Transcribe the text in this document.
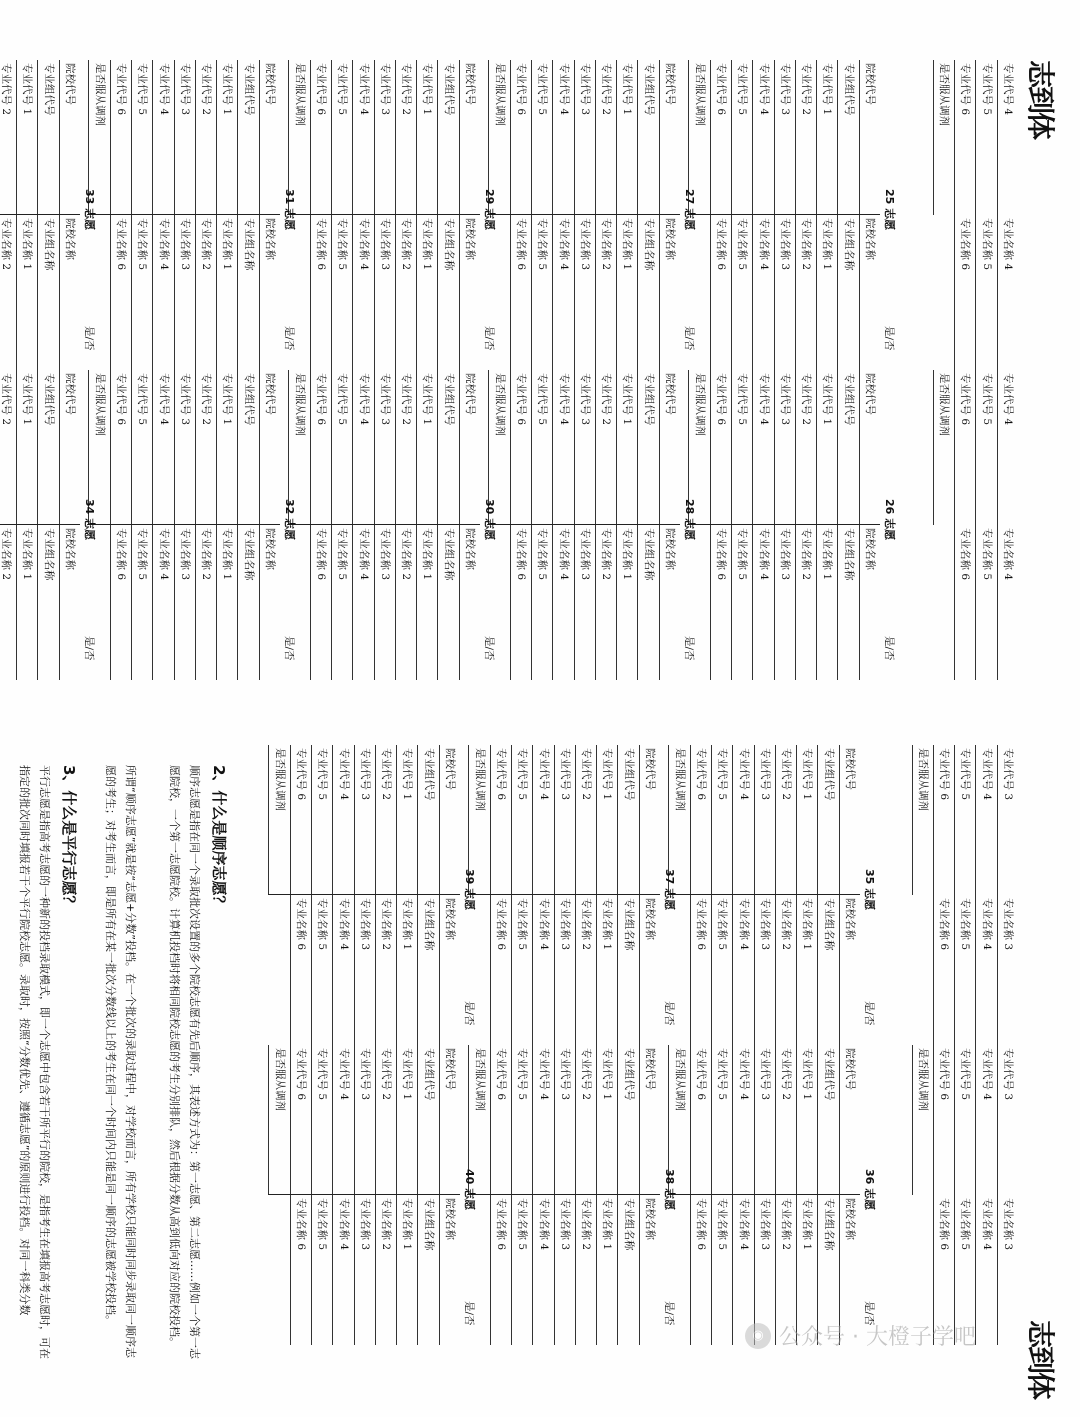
专业代号 4
专业代号 5
专业代号 6
是否服从调剂
专业名称 4
专业名称 5
专业名称 6
专业代号 4
专业代号 5
专业代号 6
是否服从调剂
专业名称 4
专业名称 5
专业名称 6
25 志愿
是/否
院校代号
专业组代号
专业代号 1
专业代号 2
专业代号 3
专业代号 4
专业代号 5
专业代号 6
是否服从调剂
院校名称
专业组名称
专业名称 1
专业名称 2
专业名称 3
专业名称 4
专业名称 5
专业名称 6
26 志愿
是/否
院校代号
专业组代号
专业代号 1
专业代号 2
专业代号 3
专业代号 4
专业代号 5
专业代号 6
是否服从调剂
院校名称
专业组名称
专业名称 1
专业名称 2
专业名称 3
专业名称 4
专业名称 5
专业名称 6
27 志愿
是/否
院校代号
专业组代号
专业代号 1
专业代号 2
专业代号 3
专业代号 4
专业代号 5
专业代号 6
是否服从调剂
院校名称
专业组名称
专业名称 1
专业名称 2
专业名称 3
专业名称 4
专业名称 5
专业名称 6
28 志愿
是/否
院校代号
专业组代号
专业代号 1
专业代号 2
专业代号 3
专业代号 4
专业代号 5
专业代号 6
是否服从调剂
院校名称
专业组名称
专业名称 1
专业名称 2
专业名称 3
专业名称 4
专业名称 5
专业名称 6
29 志愿
是/否
院校代号
专业组代号
专业代号 1
专业代号 2
专业代号 3
专业代号 4
专业代号 5
专业代号 6
是否服从调剂
院校名称
专业组名称
专业名称 1
专业名称 2
专业名称 3
专业名称 4
专业名称 5
专业名称 6
30 志愿
是/否
院校代号
专业组代号
专业代号 1
专业代号 2
专业代号 3
专业代号 4
专业代号 5
专业代号 6
是否服从调剂
院校名称
专业组名称
专业名称 1
专业名称 2
专业名称 3
专业名称 4
专业名称 5
专业名称 6
31 志愿
是/否
院校代号
专业组代号
专业代号 1
专业代号 2
专业代号 3
专业代号 4
专业代号 5
专业代号 6
是否服从调剂
院校名称
专业组名称
专业名称 1
专业名称 2
专业名称 3
专业名称 4
专业名称 5
专业名称 6
32 志愿
是/否
院校代号
专业组代号
专业代号 1
专业代号 2
专业代号 3
专业代号 4
专业代号 5
专业代号 6
是否服从调剂
院校名称
专业组名称
专业名称 1
专业名称 2
专业名称 3
专业名称 4
专业名称 5
专业名称 6
33 志愿
是/否
院校代号
专业组代号
专业代号 1
专业代号 2
院校名称
专业组名称
专业名称 1
专业名称 2
34 志愿
是/否
院校代号
专业组代号
专业代号 1
专业代号 2
院校名称
专业组名称
专业名称 1
专业名称 2
专业代号 3
专业代号 4
专业代号 5
专业代号 6
是否服从调剂
专业名称 3
专业名称 4
专业名称 5
专业名称 6
专业代号 3
专业代号 4
专业代号 5
专业代号 6
是否服从调剂
专业名称 3
专业名称 4
专业名称 5
专业名称 6
35 志愿
是/否
院校代号
专业组代号
专业代号 1
专业代号 2
专业代号 3
专业代号 4
专业代号 5
专业代号 6
是否服从调剂
院校名称
专业组名称
专业名称 1
专业名称 2
专业名称 3
专业名称 4
专业名称 5
专业名称 6
36 志愿
是/否
院校代号
专业组代号
专业代号 1
专业代号 2
专业代号 3
专业代号 4
专业代号 5
专业代号 6
是否服从调剂
院校名称
专业组名称
专业名称 1
专业名称 2
专业名称 3
专业名称 4
专业名称 5
专业名称 6
37 志愿
是/否
院校代号
专业组代号
专业代号 1
专业代号 2
专业代号 3
专业代号 4
专业代号 5
专业代号 6
是否服从调剂
院校名称
专业组名称
专业名称 1
专业名称 2
专业名称 3
专业名称 4
专业名称 5
专业名称 6
38 志愿
是/否
院校代号
专业组代号
专业代号 1
专业代号 2
专业代号 3
专业代号 4
专业代号 5
专业代号 6
是否服从调剂
院校名称
专业组名称
专业名称 1
专业名称 2
专业名称 3
专业名称 4
专业名称 5
专业名称 6
39 志愿
是/否
院校代号
专业组代号
专业代号 1
专业代号 2
专业代号 3
专业代号 4
专业代号 5
专业代号 6
是否服从调剂
院校名称
专业组名称
专业名称 1
专业名称 2
专业名称 3
专业名称 4
专业名称 5
专业名称 6
40 志愿
是/否
院校代号
专业组代号
专业代号 1
专业代号 2
专业代号 3
专业代号 4
专业代号 5
专业代号 6
是否服从调剂
院校名称
专业组名称
专业名称 1
专业名称 2
专业名称 3
专业名称 4
专业名称 5
专业名称 6
志到体
志到体
2、什么是顺序志愿？
顺序志愿是指在同一个录取批次设置的多个院校志愿有先后顺序，其表述方式为：第一志愿、第二志愿……例如一个第一志愿院校，一个第一志愿院校。计算机投档时将相同院校志愿的考生分别排队，然后根据分数从高到低向对应的院校投档。
所谓“顺序志愿”就是按“志愿+分数”投档。在一个批次的录取过程中，对学校而言，所有学校只能同时同步录取同一顺序志愿的考生；对考生而言，即是所有在某一批次分数线以上的考生在同一个时间内只能是同一顺序的志愿被学校投档。
3、什么是平行志愿？
平行志愿是指高考志愿的一种新的投档录取模式，即一个志愿中包含若干所平行的院校，是指考生在填报高考志愿时，可在指定的批次同时填报若干个平行院校志愿。录取时，按照“分数优先、遵循志愿”的原则进行投档。对同一科类分数
◉ 公众号 · 大橙子学吧
